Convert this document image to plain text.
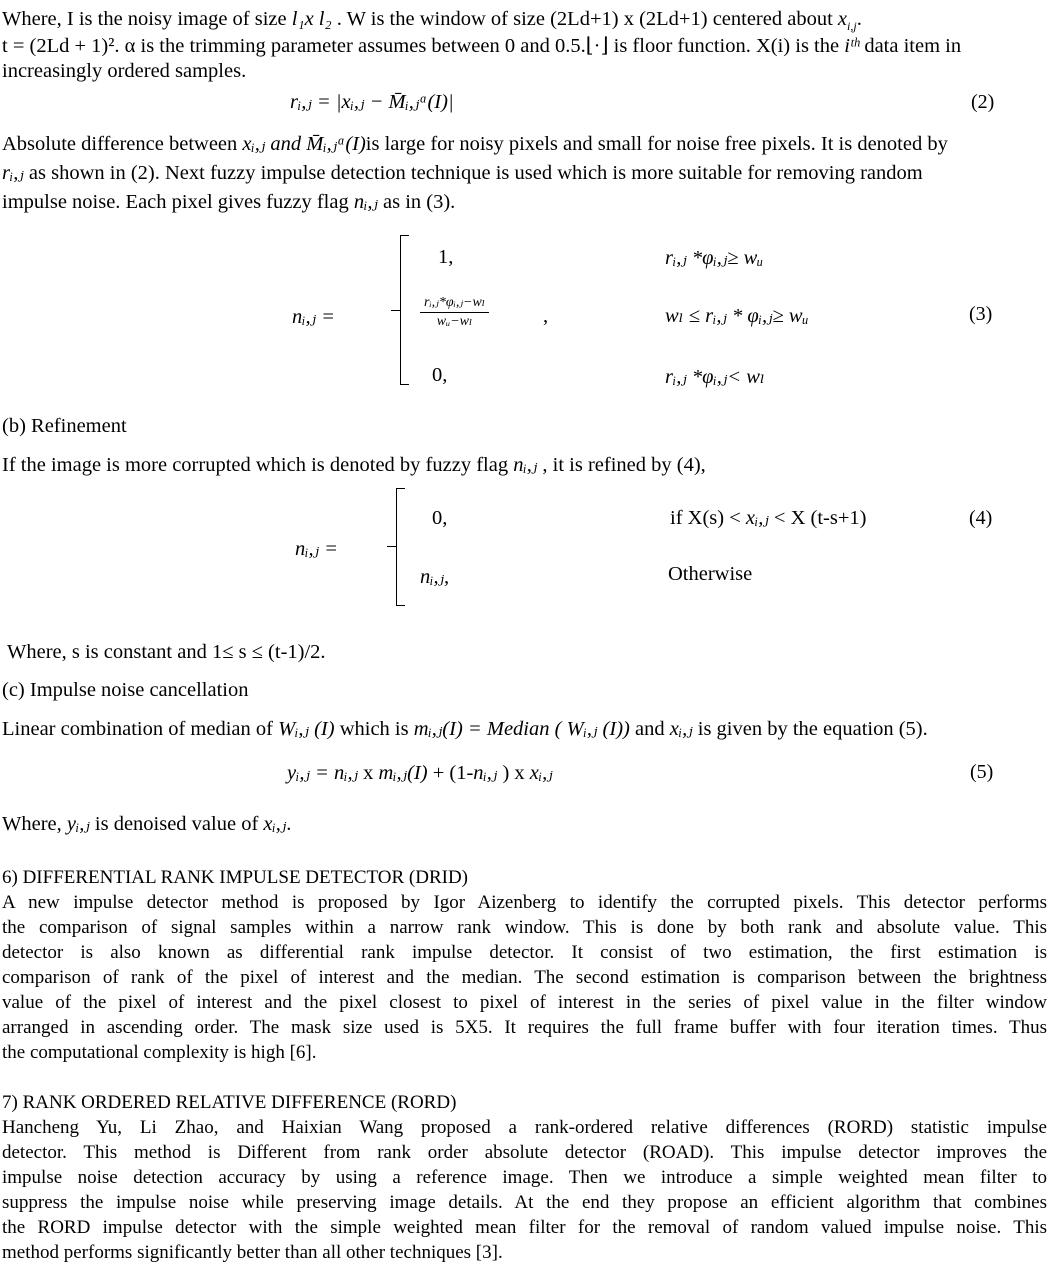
Where, I is the noisy image of size l₁x l₂ . W is the window of size (2Ld+1) x (2Ld+1) centered about $x_{i,j}$.
t = (2Ld + 1)². α is the trimming parameter assumes between 0 and 0.5.⌊·⌋ is floor function. X(i) is the iᵗʰ data item in
increasingly ordered samples.
rᵢ,ⱼ = |xᵢ,ⱼ − M̄ᵢ,ⱼᵅ(I)|	(2)
Absolute difference between xᵢ,ⱼ and M̄ᵢ,ⱼᵅ(I)is large for noisy pixels and small for noise free pixels. It is denoted by
rᵢ,ⱼ as shown in (2). Next fuzzy impulse detection technique is used which is more suitable for removing random
impulse noise. Each pixel gives fuzzy flag nᵢ,ⱼ as in (3).
nᵢ,ⱼ =
1,	rᵢ,ⱼ *φᵢ,ⱼ≥ wᵤ
$\frac{\text{rᵢ,ⱼ*φᵢ,ⱼ−wₗ}}{\text{wᵤ−wₗ}}$	,	wₗ ≤ rᵢ,ⱼ * φᵢ,ⱼ≥ wᵤ
0,	rᵢ,ⱼ *φᵢ,ⱼ< wₗ
(3)
(b) Refinement
If the image is more corrupted which is denoted by fuzzy flag nᵢ,ⱼ , it is refined by (4),
nᵢ,ⱼ =
0,	if X(s) < xᵢ,ⱼ < X (t-s+1)	(4)
nᵢ,ⱼ,	Otherwise
Where, s is constant and 1≤ s ≤ (t-1)/2.
(c) Impulse noise cancellation
Linear combination of median of Wᵢ,ⱼ (I) which is mᵢ,ⱼ(I) = Median ( Wᵢ,ⱼ (I)) and xᵢ,ⱼ is given by the equation (5).
yᵢ,ⱼ = nᵢ,ⱼ x mᵢ,ⱼ(I) + (1-nᵢ,ⱼ ) x xᵢ,ⱼ	(5)
Where, yᵢ,ⱼ is denoised value of xᵢ,ⱼ.
6) DIFFERENTIAL RANK IMPULSE DETECTOR (DRID)
A new impulse detector method is proposed by Igor Aizenberg to identify the corrupted pixels. This detector performs
the comparison of signal samples within a narrow rank window. This is done by both rank and absolute value. This
detector is also known as differential rank impulse detector. It consist of two estimation, the first estimation is
comparison of rank of the pixel of interest and the median. The second estimation is comparison between the brightness
value of the pixel of interest and the pixel closest to pixel of interest in the series of pixel value in the filter window
arranged in ascending order. The mask size used is 5X5. It requires the full frame buffer with four iteration times. Thus
the computational complexity is high [6].
7) RANK ORDERED RELATIVE DIFFERENCE (RORD)
Hancheng Yu, Li Zhao, and Haixian Wang proposed a rank-ordered relative differences (RORD) statistic impulse
detector. This method is Different from rank order absolute detector (ROAD). This impulse detector improves the
impulse noise detection accuracy by using a reference image. Then we introduce a simple weighted mean filter to
suppress the impulse noise while preserving image details. At the end they propose an efficient algorithm that combines
the RORD impulse detector with the simple weighted mean filter for the removal of random valued impulse noise. This
method performs significantly better than all other techniques [3].
